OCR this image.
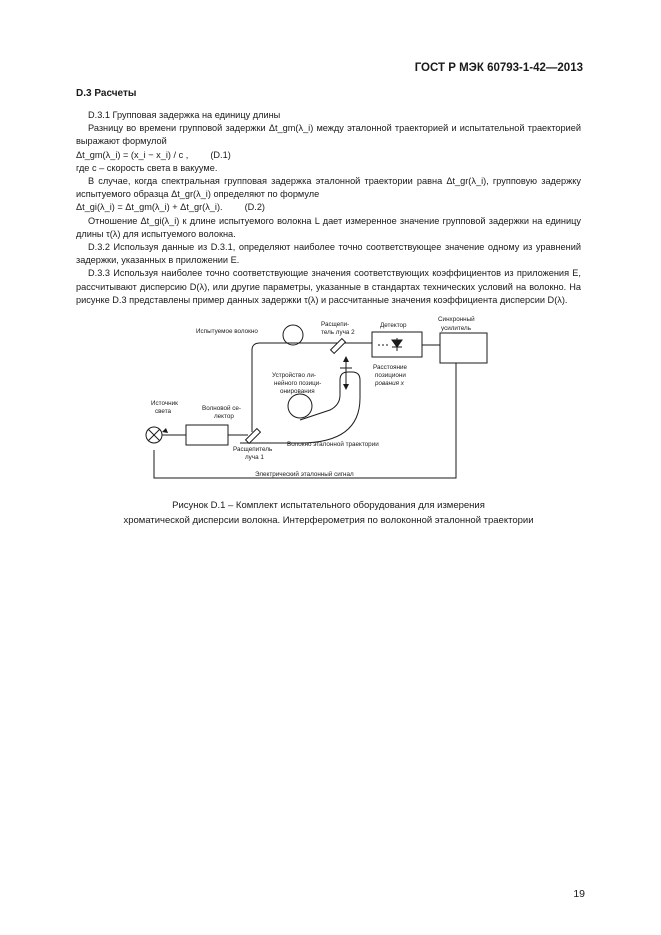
ГОСТ Р МЭК 60793-1-42—2013
D.3 Расчеты

D.3.1 Групповая задержка на единицу длины

Разницу во времени групповой задержки Δt_gm(λ_i) между эталонной траекторией и испытательной траекторией выражают формулой

Δt_gm(λ_i) = (x_i − x_i) / c , (D.1)

где c – скорость света в вакууме.

В случае, когда спектральная групповая задержка эталонной траектории равна Δt_gr(λ_i), групповую задержку испытуемого образца Δt_gr(λ_i) определяют по формуле

Δt_gi(λ_i) = Δt_gm(λ_i) + Δt_gr(λ_i). (D.2)

Отношение Δt_gi(λ_i) к длине испытуемого волокна L дает измеренное значение групповой задержки на единицу длины τ(λ) для испытуемого волокна.

D.3.2 Используя данные из D.3.1, определяют наиболее точно соответствующее значение одному из уравнений задержки, указанных в приложении Е.

D.3.3 Используя наиболее точно соответствующие значения соответствующих коэффициентов из приложения Е, рассчитывают дисперсию D(λ), или другие параметры, указанные в стандартах технических условий на волокно. На рисунке D.3 представлены пример данных задержки τ(λ) и рассчитанные значения коэффициента дисперсии D(λ).

Испытуемое волокно
Расщепи-
тель луча 2
Детектор
Синхронный
усилитель
Устройство ли-
нейного позици-
онирования
Расстояние
позициони
рования x
Источник
света	Волновой се-
лектор
Волокно эталонной траектории
Расщепитель
луча 1
Электрический эталонный сигнал
Рисунок D.1 – Комплект испытательного оборудования для измерения
хроматической дисперсии волокна. Интерферометрия по волоконной эталонной траектории
19
